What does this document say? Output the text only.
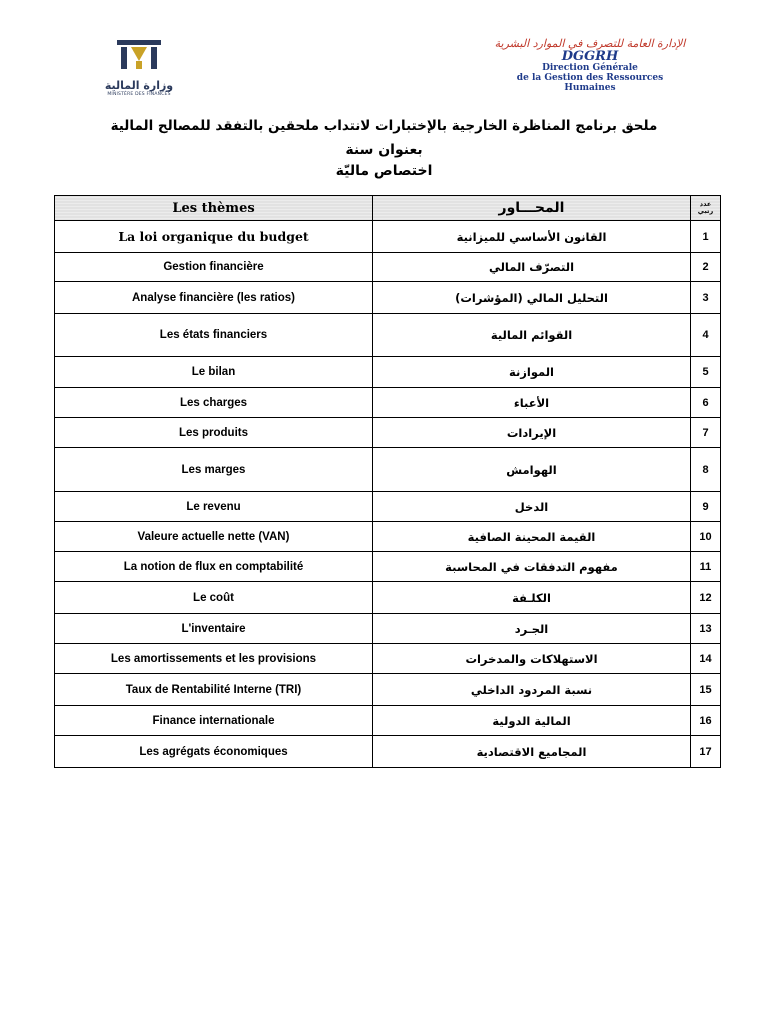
وزارة المالية
MINISTÈRE DES FINANCES
الإدارة العامة للتصرف في الموارد البشرية
DGGRH
Direction Générale
de la Gestion des Ressources Humaines
ملحق برنامج المناظرة الخارجية بالإختبارات لانتداب ملحقين بالتفقد للمصالح المالية
بعنوان سنة
اختصاص ماليّة
Les thèmes	المحـــاور	عدد
رتبي

La loi organique du budget	القانون الأساسي للميزانية	1
Gestion financière	التصرّف المالي	2
Analyse financière (les ratios)	التحليل المالي (المؤشرات)	3
Les états financiers	القوائم المالية	4
Le bilan	الموازنة	5
Les charges	الأعباء	6
Les produits	الإيرادات	7
Les marges	الهوامش	8
Le revenu	الدخل	9
Valeure actuelle nette (VAN)	القيمة المحينة الصافية	10
La notion de flux en comptabilité	مفهوم التدفقات في المحاسبة	11
Le coût	الكلـفة	12
L'inventaire	الجـرد	13
Les amortissements et les provisions	الاستهلاكات والمدخرات	14
Taux de Rentabilité Interne (TRI)	نسبة المردود الداخلي	15
Finance internationale	المالية الدولية	16
Les agrégats économiques	المجاميع الاقتصادية	17
